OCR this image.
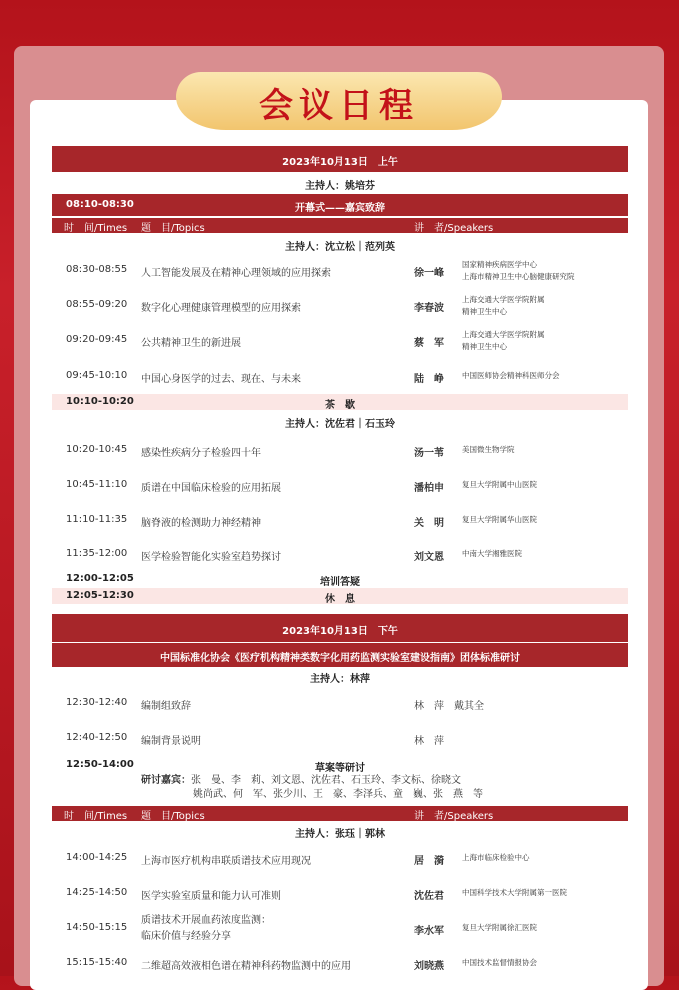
会议日程
2023年10月13日　上午
主持人：姚培芬
08:10-08:30	开幕式——嘉宾致辞
时　间/Times 题　目/Topics	讲　者/Speakers
主持人：沈立松｜范列英
08:30-08:55 人工智能发展及在精神心理领域的应用探索	徐一峰
国家精神疾病医学中心
上海市精神卫生中心脑健康研究院
08:55-09:20 数字化心理健康管理模型的应用探索	李春波
上海交通大学医学院附属
精神卫生中心
09:20-09:45 公共精神卫生的新进展	蔡　军
上海交通大学医学院附属
精神卫生中心
09:45-10:10 中国心身医学的过去、现在、与未来	陆　峥 中国医师协会精神科医师分会
10:10-10:20	茶　歇
主持人：沈佐君｜石玉玲
10:20-10:45 感染性疾病分子检验四十年	汤一苇 美国微生物学院
10:45-11:10 质谱在中国临床检验的应用拓展	潘柏申 复旦大学附属中山医院
11:10-11:35 脑脊液的检测助力神经精神	关　明 复旦大学附属华山医院
11:35-12:00 医学检验智能化实验室趋势探讨	刘文恩 中南大学湘雅医院
12:00-12:05	培训答疑
12:05-12:30	休　息
2023年10月13日　下午
中国标准化协会《医疗机构精神类数字化用药监测实验室建设指南》团体标准研讨
主持人：林萍
12:30-12:40 编制组致辞	林　萍　戴其全
12:40-12:50 编制背景说明	林　萍
12:50-14:00	草案等研讨
研讨嘉宾：张　曼、李　莉、刘文恩、沈佐君、石玉玲、李文标、徐晓文
姚尚武、何　军、张少川、王　豪、李泽兵、童　巍、张　燕　等
时　间/Times 题　目/Topics	讲　者/Speakers
主持人：张珏｜郭林
14:00-14:25 上海市医疗机构串联质谱技术应用现况	居　漪 上海市临床检验中心
14:25-14:50 医学实验室质量和能力认可准则	沈佐君 中国科学技术大学附属第一医院
14:50-15:15
质谱技术开展血药浓度监测：
临床价值与经验分享	李水军 复旦大学附属徐汇医院
15:15-15:40 二维超高效液相色谱在精神科药物监测中的应用	刘晓燕 中国技术监督情报协会
